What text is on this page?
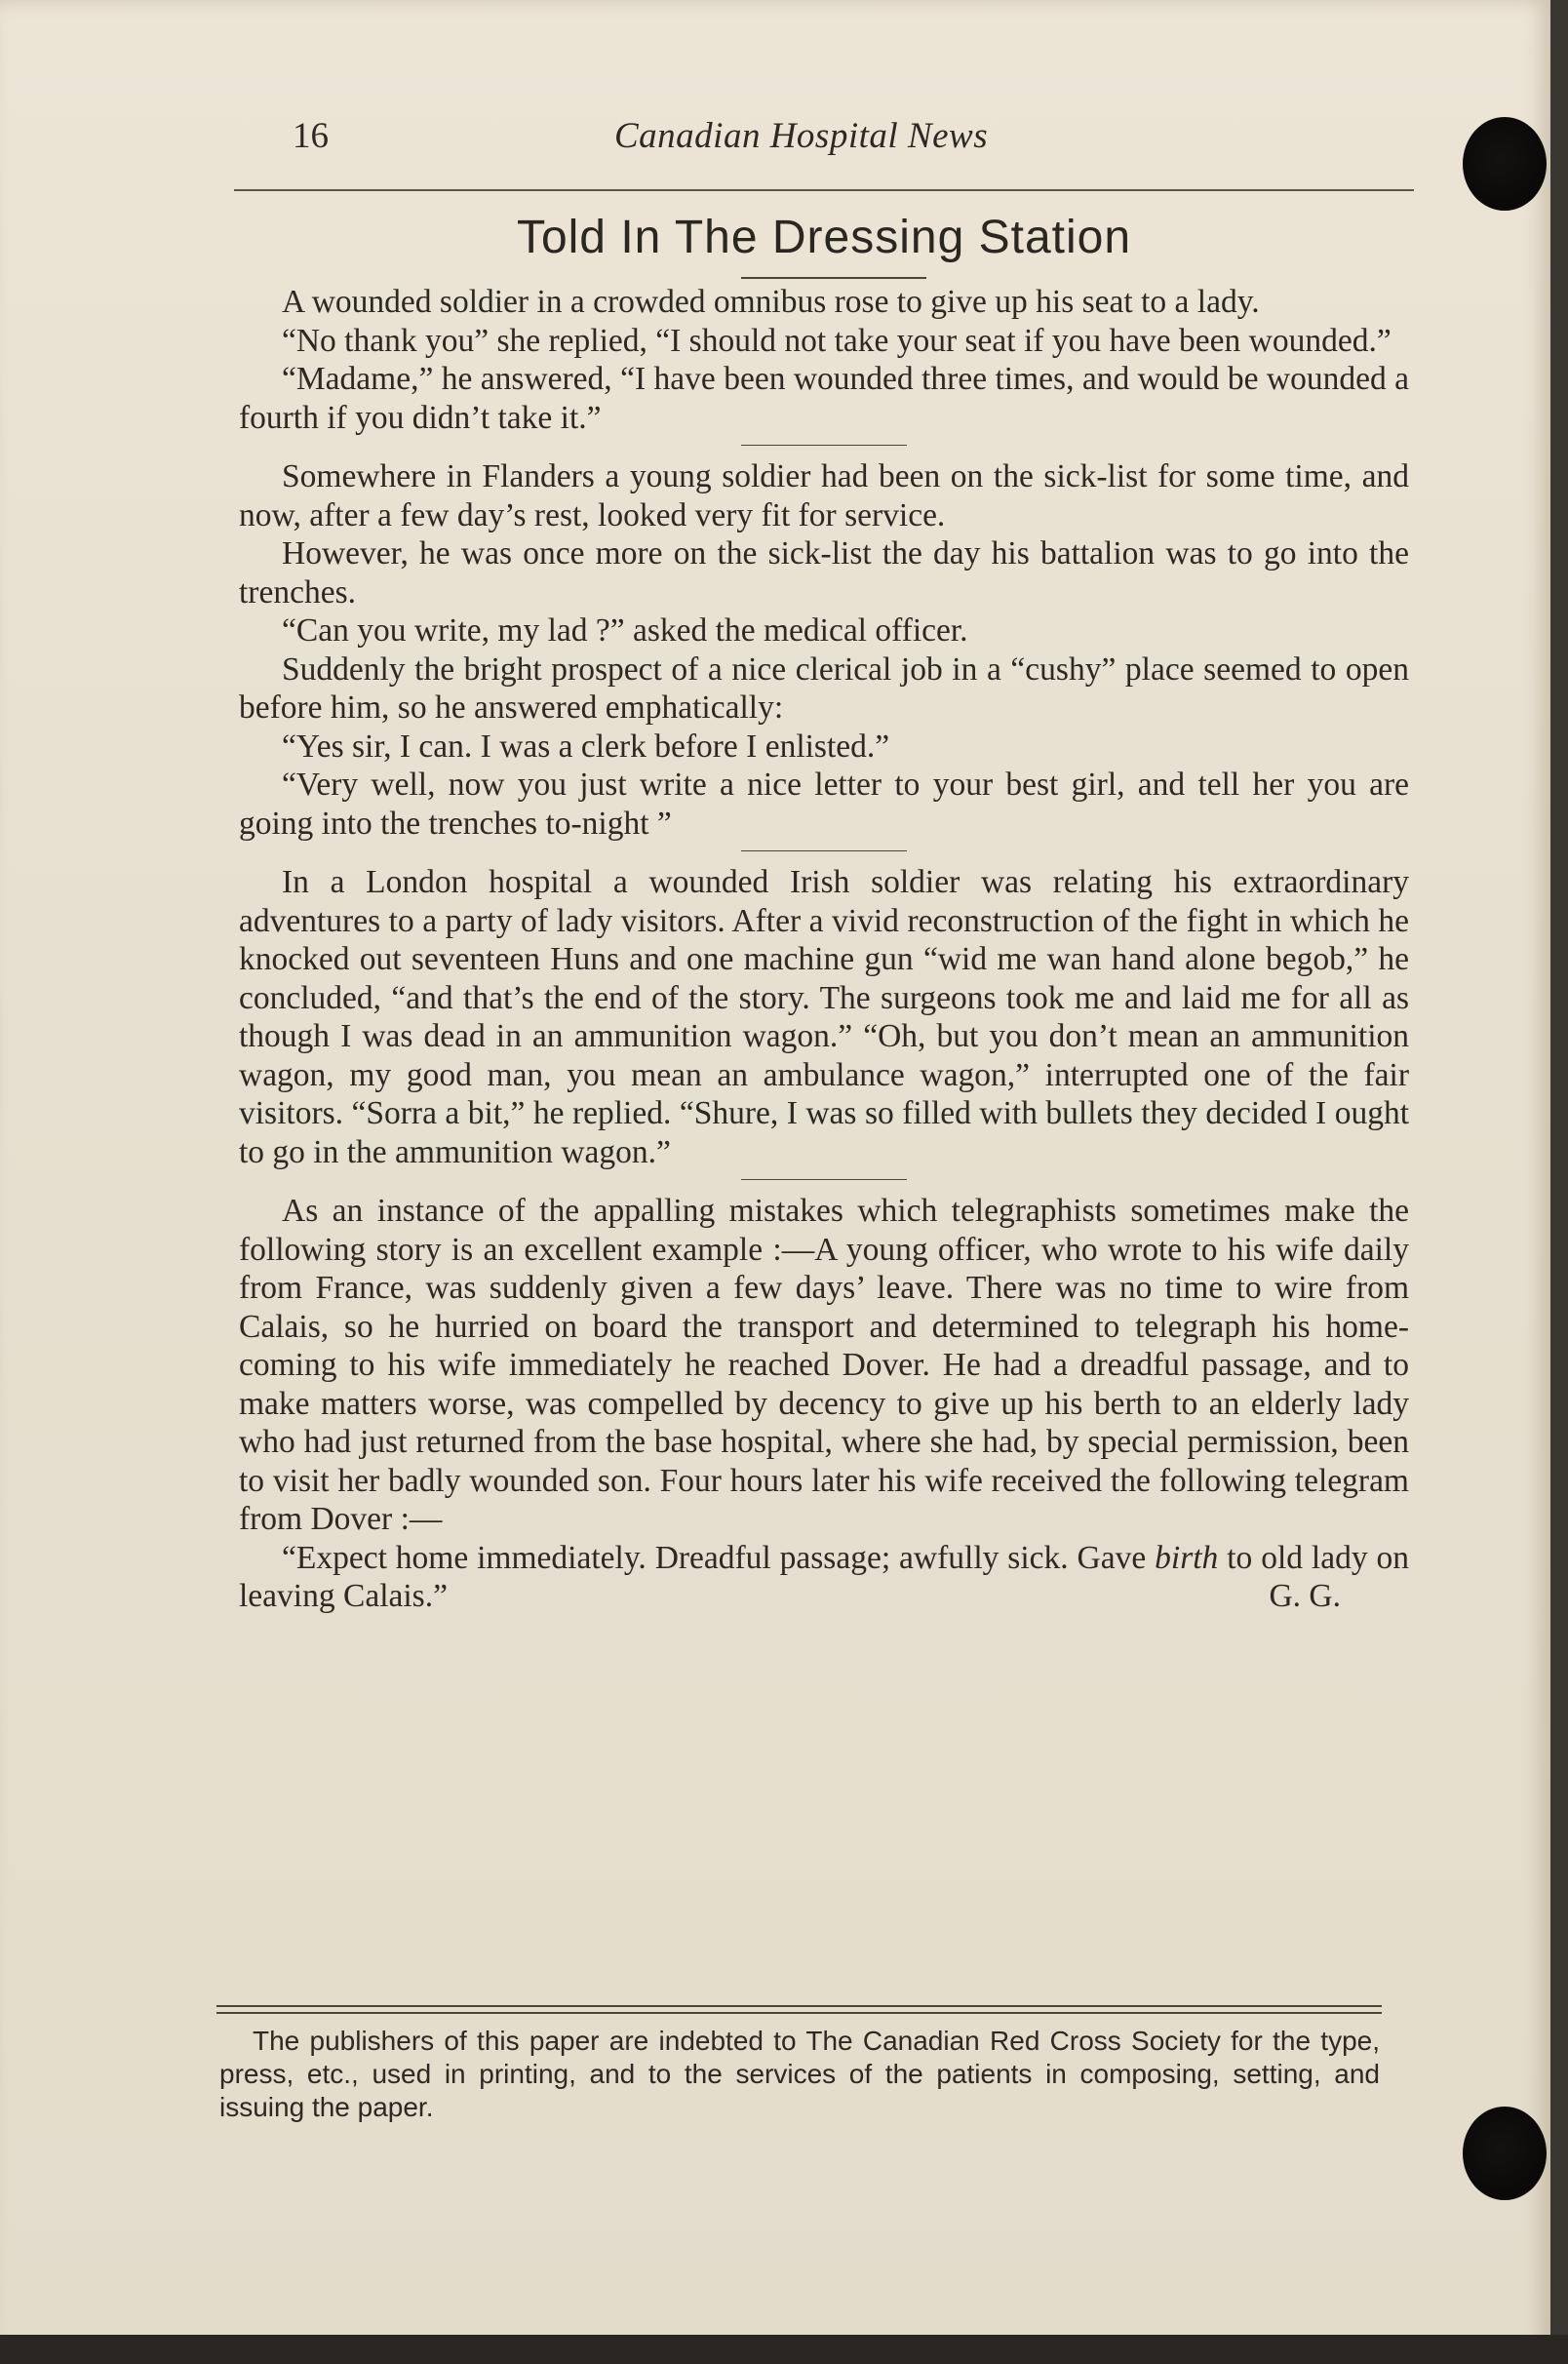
16	Canadian Hospital News
Told In The Dressing Station

A wounded soldier in a crowded omnibus rose to give up his seat to a lady.

“No thank you” she replied, “I should not take your seat if you have been wounded.”

“Madame,” he answered, “I have been wounded three times, and would be wounded a fourth if you didn’t take it.”

Somewhere in Flanders a young soldier had been on the sick-list for some time, and now, after a few day’s rest, looked very fit for service.

However, he was once more on the sick-list the day his battalion was to go into the trenches.

“Can you write, my lad ?” asked the medical officer.

Suddenly the bright prospect of a nice clerical job in a “cushy” place seemed to open before him, so he answered emphatically:

“Yes sir, I can. I was a clerk before I enlisted.”

“Very well, now you just write a nice letter to your best girl, and tell her you are going into the trenches to-night ”

In a London hospital a wounded Irish soldier was relating his extraordinary adventures to a party of lady visitors. After a vivid reconstruction of the fight in which he knocked out seventeen Huns and one machine gun “wid me wan hand alone begob,” he concluded, “and that’s the end of the story. The surgeons took me and laid me for all as though I was dead in an ammunition wagon.” “Oh, but you don’t mean an ammunition wagon, my good man, you mean an ambulance wagon,” interrupted one of the fair visitors. “Sorra a bit,” he replied. “Shure, I was so filled with bullets they decided I ought to go in the ammunition wagon.”

As an instance of the appalling mistakes which telegraphists sometimes make the following story is an excellent example :—A young officer, who wrote to his wife daily from France, was suddenly given a few days’ leave. There was no time to wire from Calais, so he hurried on board the transport and determined to telegraph his home-coming to his wife immediately he reached Dover. He had a dreadful passage, and to make matters worse, was compelled by decency to give up his berth to an elderly lady who had just returned from the base hospital, where she had, by special permission, been to visit her badly wounded son. Four hours later his wife received the following telegram from Dover :—

“Expect home immediately. Dreadful passage; awfully sick. Gave birth to old lady on leaving Calais.”	G. G.

The publishers of this paper are indebted to The Canadian Red Cross Society for the type, press, etc., used in printing, and to the services of the patients in composing, setting, and issuing the paper.
